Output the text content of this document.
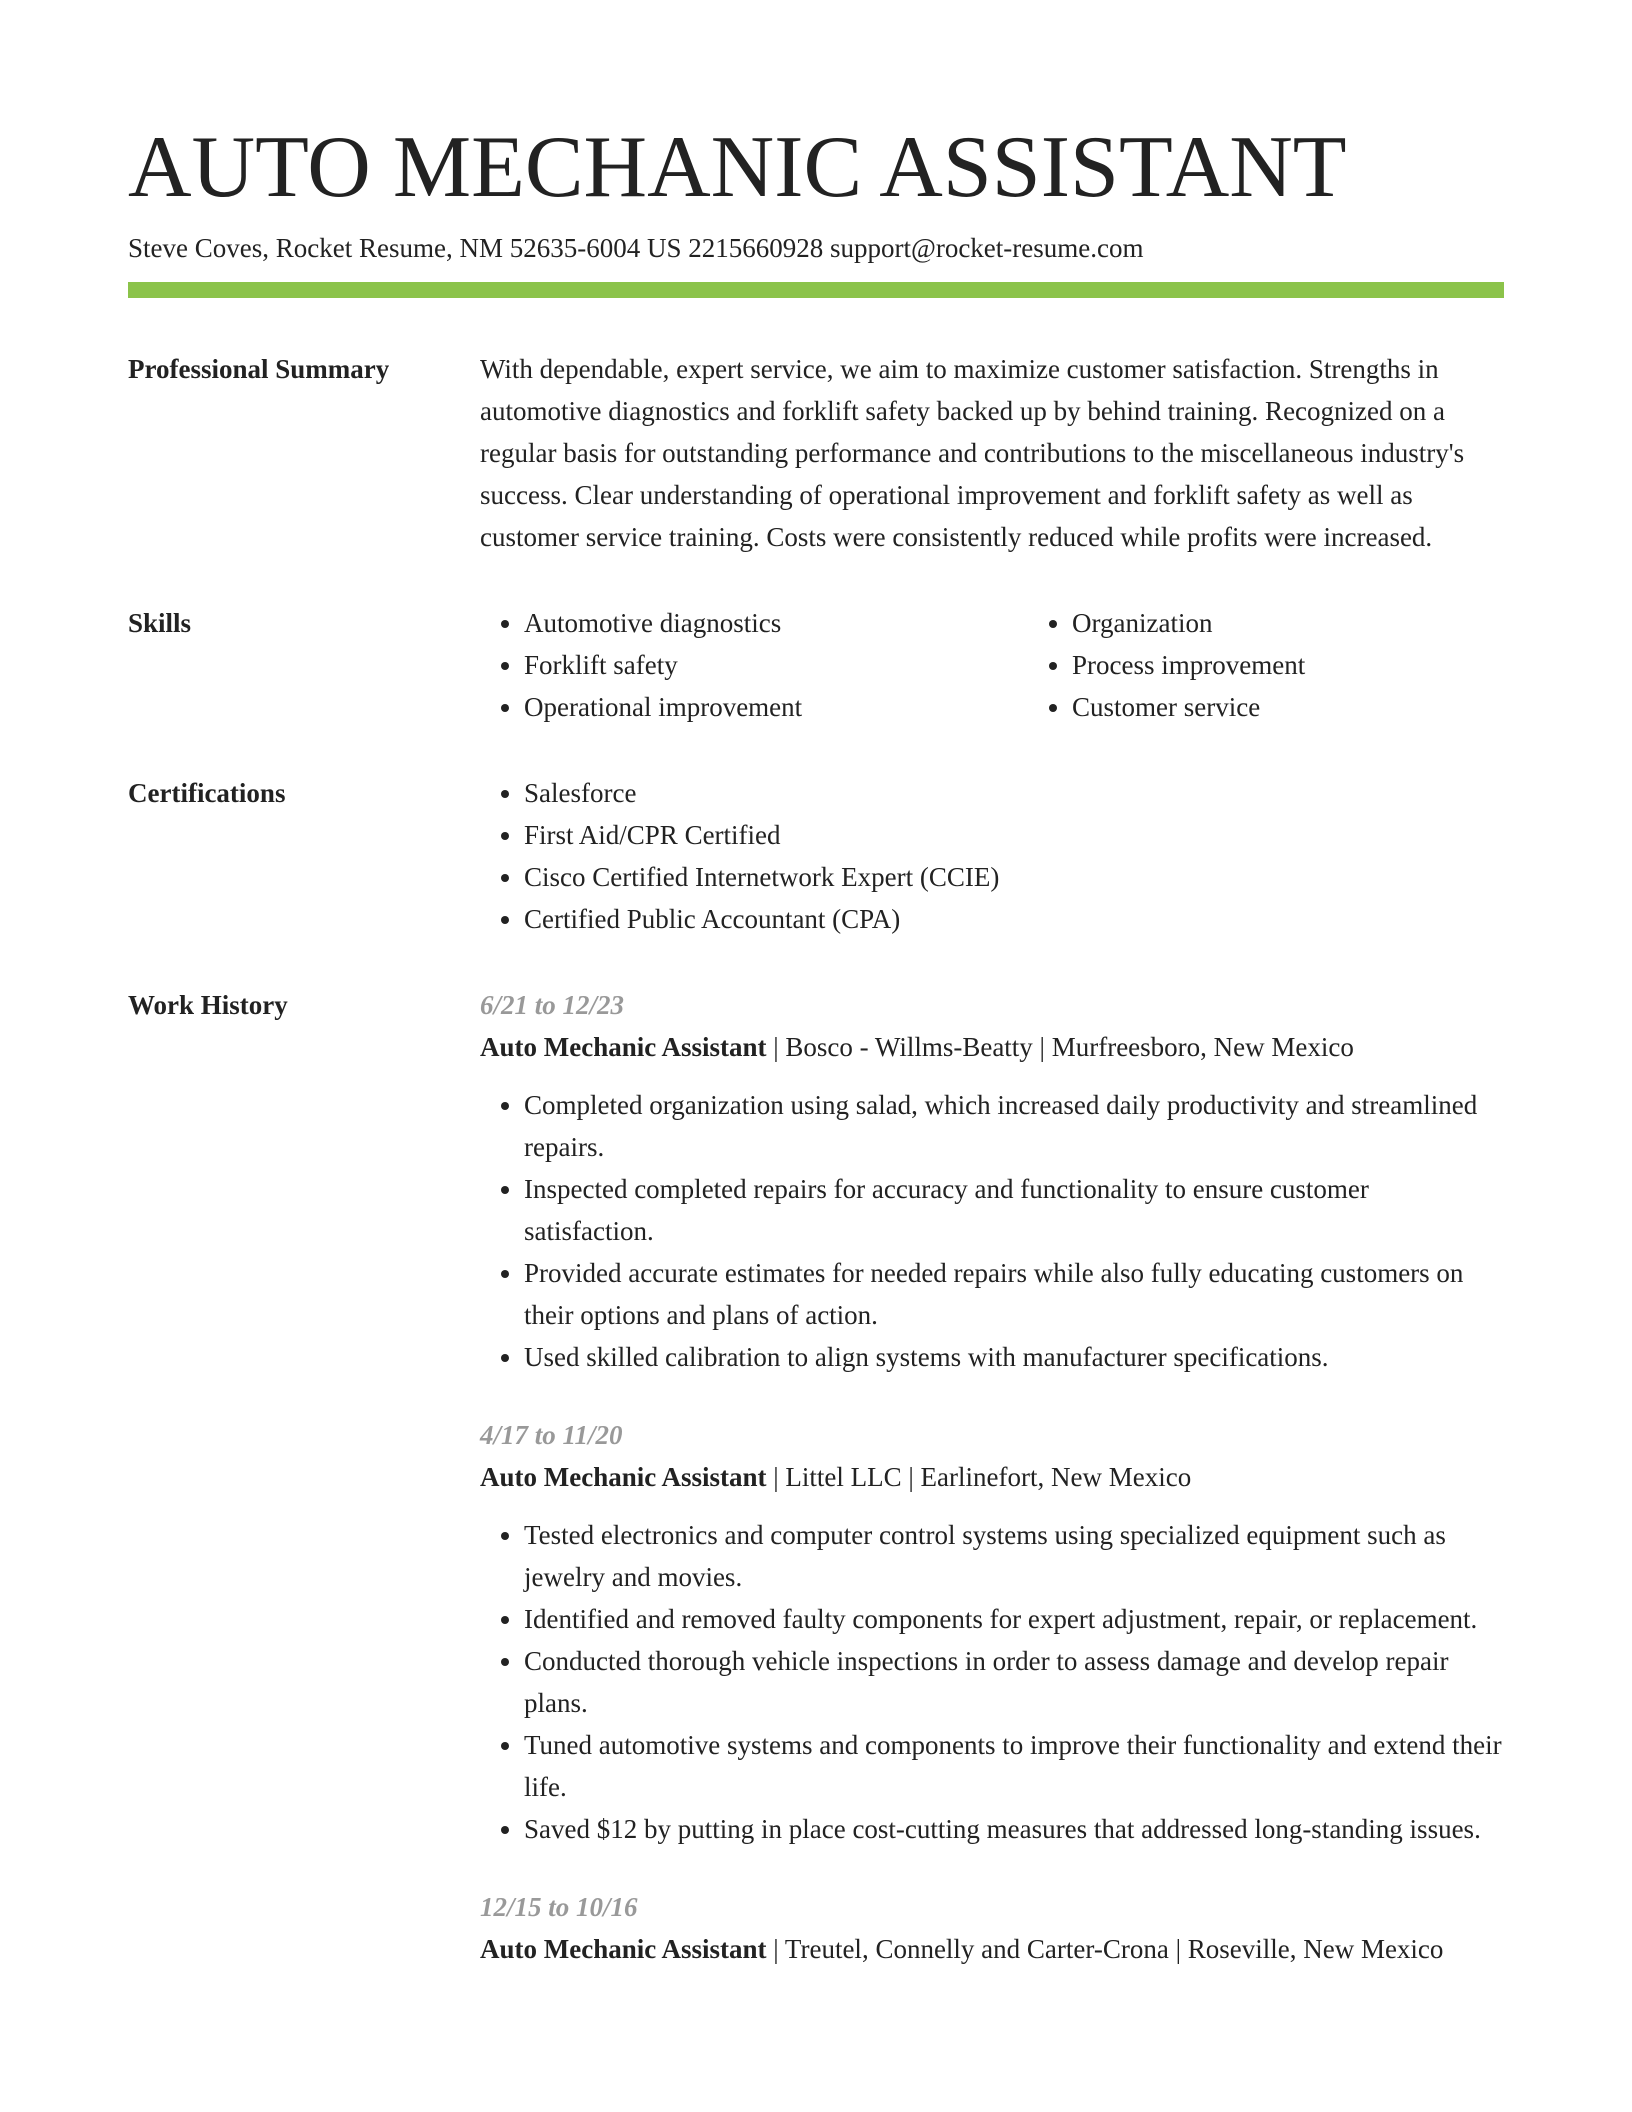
AUTO MECHANIC ASSISTANT
Steve Coves, Rocket Resume, NM 52635-6004 US 2215660928 support@rocket-resume.com
Professional Summary	With dependable, expert service, we aim to maximize customer satisfaction. Strengths in automotive diagnostics and forklift safety backed up by behind training. Recognized on a regular basis for outstanding performance and contributions to the miscellaneous industry's success. Clear understanding of operational improvement and forklift safety as well as customer service training. Costs were consistently reduced while profits were increased.

Skills	• Automotive diagnostics
• Forklift safety
• Operational improvement
• Organization
• Process improvement
• Customer service
Certifications	• Salesforce
• First Aid/CPR Certified
• Cisco Certified Internetwork Expert (CCIE)
• Certified Public Accountant (CPA)
Work History	6/21 to 12/23
Auto Mechanic Assistant | Bosco - Willms-Beatty | Murfreesboro, New Mexico
• Completed organization using salad, which increased daily productivity and streamlined repairs.
• Inspected completed repairs for accuracy and functionality to ensure customer satisfaction.
• Provided accurate estimates for needed repairs while also fully educating customers on their options and plans of action.
• Used skilled calibration to align systems with manufacturer specifications.
4/17 to 11/20
Auto Mechanic Assistant | Littel LLC | Earlinefort, New Mexico
• Tested electronics and computer control systems using specialized equipment such as jewelry and movies.
• Identified and removed faulty components for expert adjustment, repair, or replacement.
• Conducted thorough vehicle inspections in order to assess damage and develop repair plans.
• Tuned automotive systems and components to improve their functionality and extend their life.
• Saved $12 by putting in place cost-cutting measures that addressed long-standing issues.
12/15 to 10/16
Auto Mechanic Assistant | Treutel, Connelly and Carter-Crona | Roseville, New Mexico
